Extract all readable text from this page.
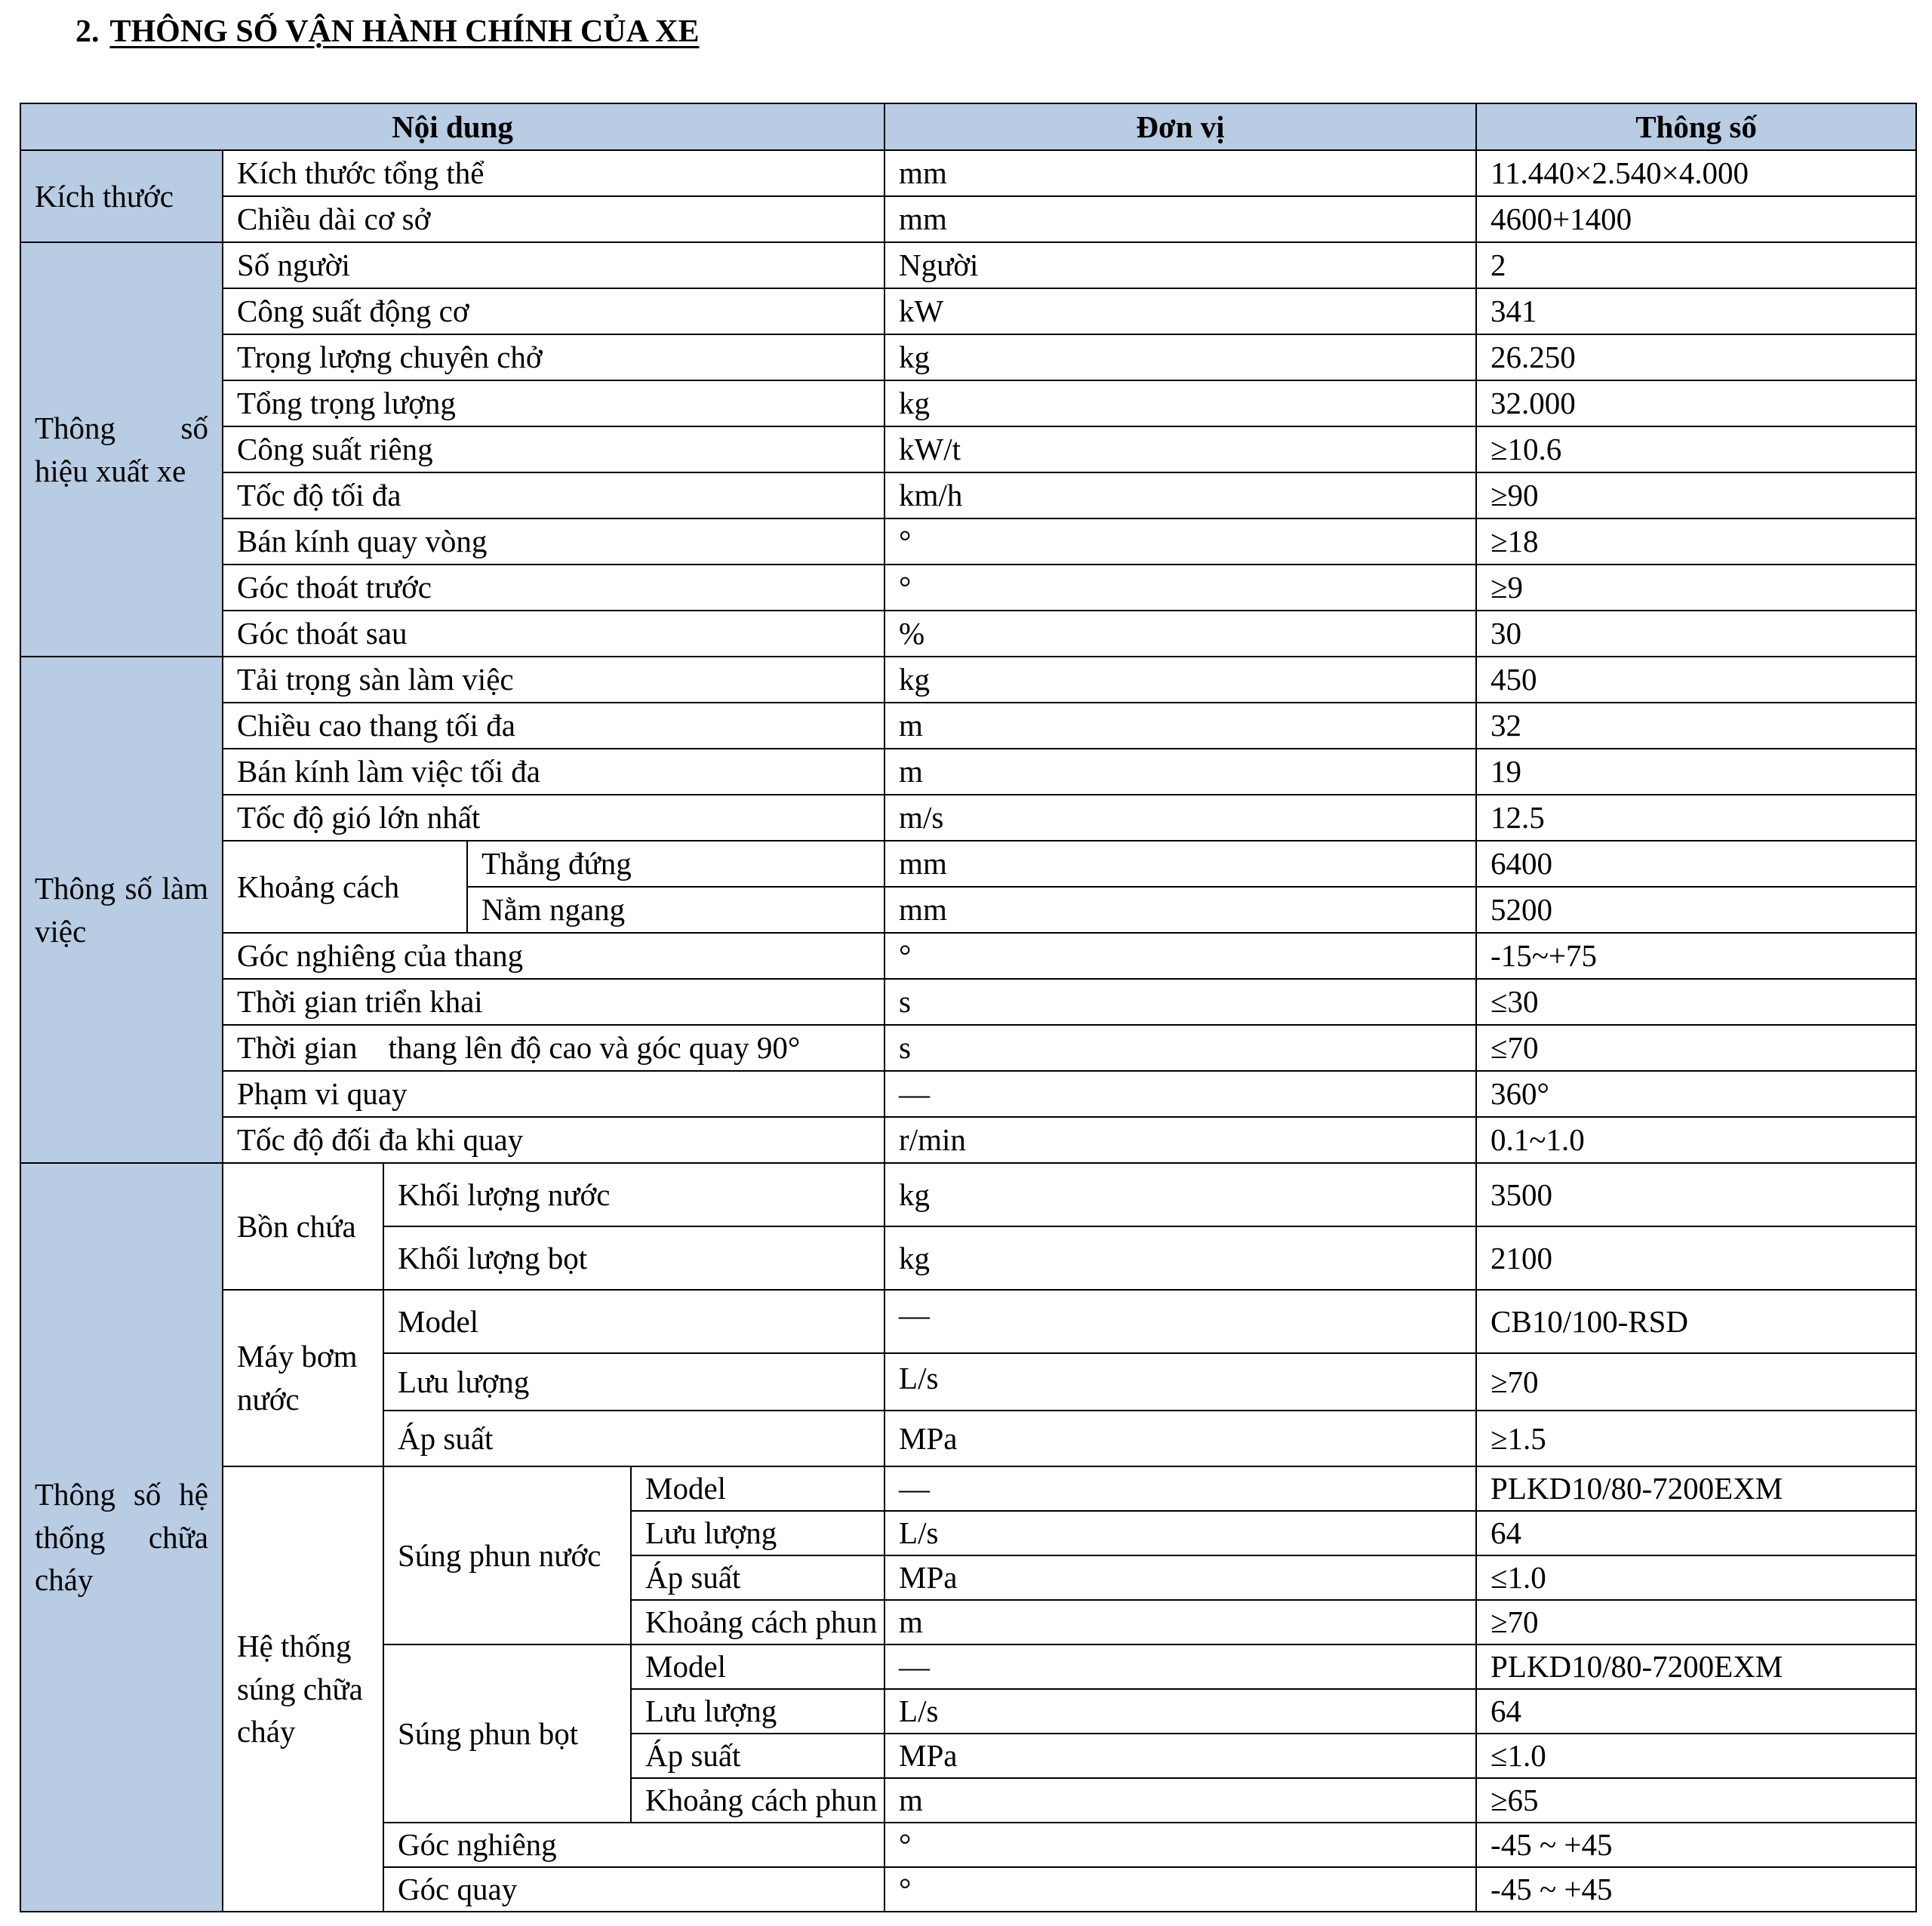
2. THÔNG SỐ VẬN HÀNH CHÍNH CỦA XE
Nội dung					Đơn vị	Thông số	
Kích thước	Kích thước tổng thể				mm	11.440×2.540×4.000	
	Chiều dài cơ sở				mm	4600+1400	
Thông số hiệu xuất xe	Số người				Người	2	
	Công suất động cơ				kW	341	
	Trọng lượng chuyên chở				kg	26.250	
	Tổng trọng lượng				kg	32.000	
	Công suất riêng				kW/t	≥10.6	
	Tốc độ tối đa				km/h	≥90	
	Bán kính quay vòng				°	≥18	
	Góc thoát trước				°	≥9	
	Góc thoát sau				%	30	
Thông số làm việc	Tải trọng sàn làm việc				kg	450	
	Chiều cao thang tối đa				m	32	
	Bán kính làm việc tối đa				m	19	
	Tốc độ gió lớn nhất				m/s	12.5	
	Khoảng cách		Thẳng đứng		mm	6400	
			Nằm ngang		mm	5200	
	Góc nghiêng của thang				°	-15~+75	
	Thời gian triển khai				s	≤30	
	Thời gian    thang lên độ cao và góc quay 90°				s	≤70	
	Phạm vi quay				—	360°	
	Tốc độ đối đa khi quay				r/min	0.1~1.0	
Thông số hệ thống chữa cháy	Bồn chứa	Khối lượng nước			kg	3500	
		Khối lượng bọt			kg	2100	
	Máy bơm nước	Model			—	CB10/100-RSD	
		Lưu lượng			L/s	≥70	
		Áp suất			MPa	≥1.5	
	Hệ thống súng chữa cháy	Súng phun nước		Model	—	PLKD10/80-7200EXM	
				Lưu lượng	L/s	64	
				Áp suất	MPa	≤1.0	
				Khoảng cách phun	m	≥70	
		Súng phun bọt		Model	—	PLKD10/80-7200EXM	
				Lưu lượng	L/s	64	
				Áp suất	MPa	≤1.0	
				Khoảng cách phun	m	≥65	
		Góc nghiêng			°	-45 ~ +45	
		Góc quay			°	-45 ~ +45	
